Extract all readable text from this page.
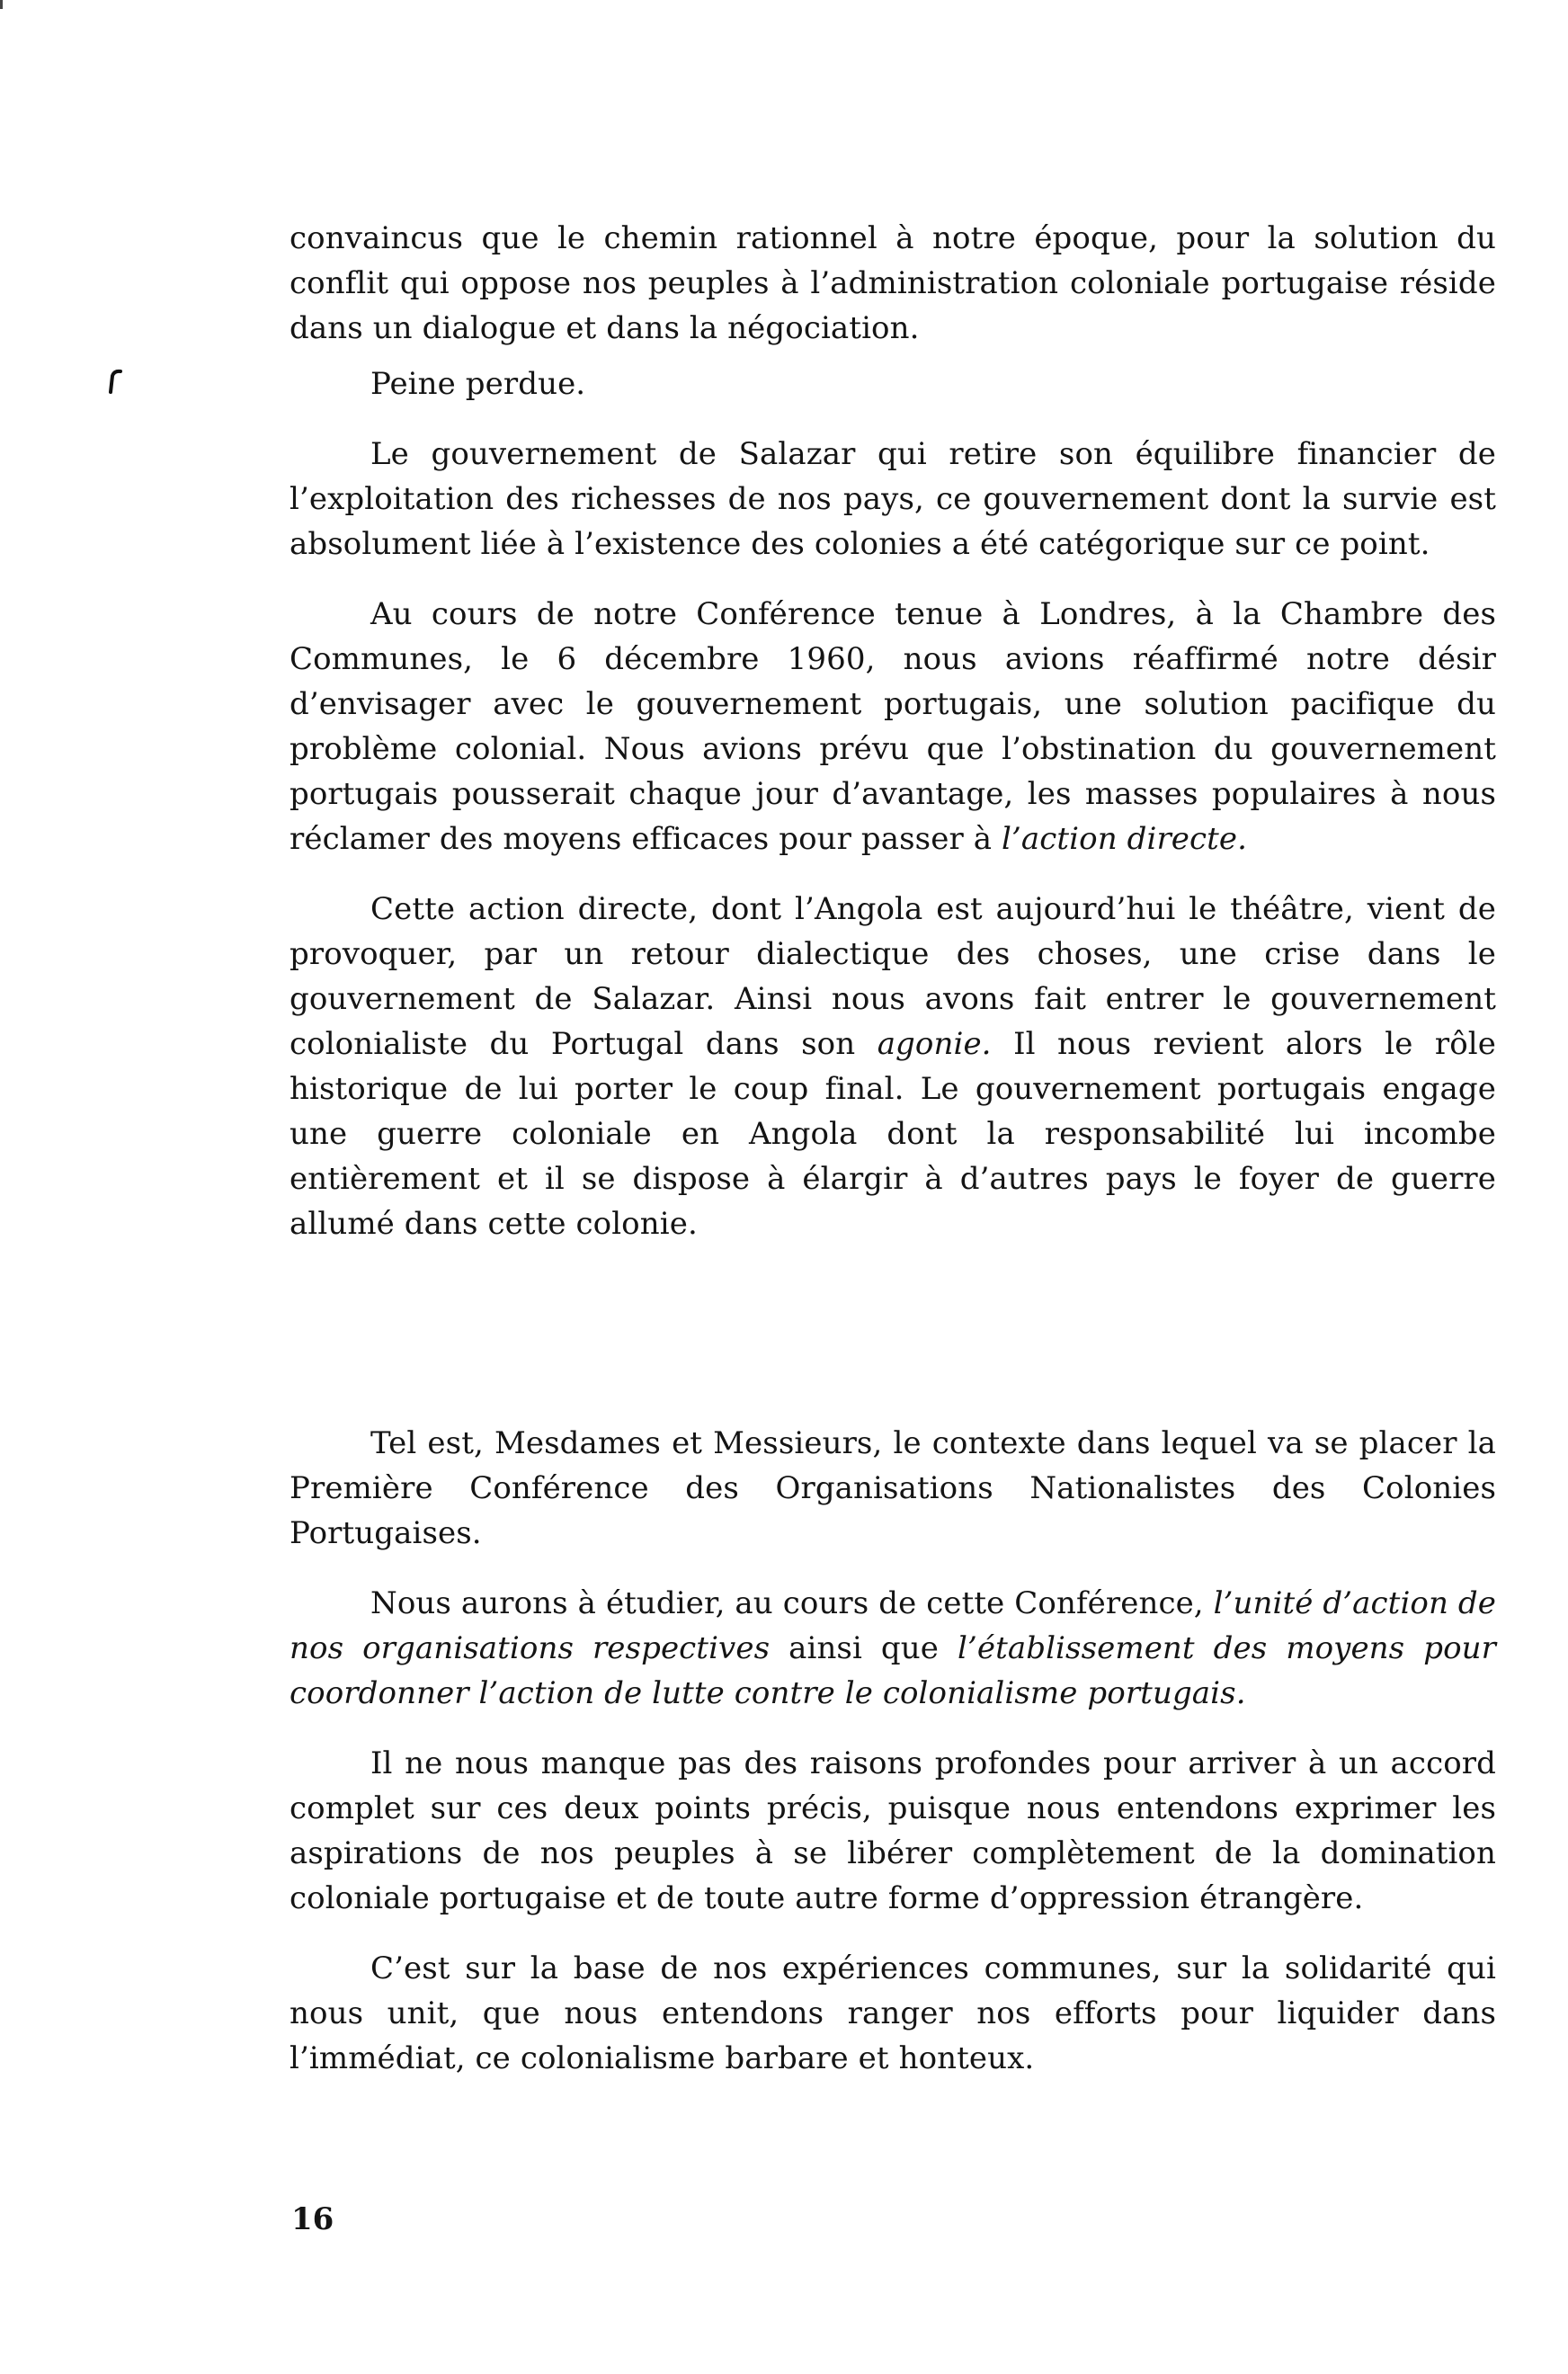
convaincus que le chemin rationnel à notre époque, pour la solution du conflit qui oppose nos peuples à l’administration coloniale portugaise réside dans un dialogue et dans la négociation.

Peine perdue.

Le gouvernement de Salazar qui retire son équilibre financier de l’exploitation des richesses de nos pays, ce gouvernement dont la survie est absolument liée à l’existence des colonies a été catégorique sur ce point.

Au cours de notre Conférence tenue à Londres, à la Chambre des Communes, le 6 décembre 1960, nous avions réaffirmé notre désir d’envisager avec le gouvernement portugais, une solution pacifique du problème colonial. Nous avions prévu que l’obstination du gouvernement portugais pousserait chaque jour d’avantage, les masses populaires à nous réclamer des moyens efficaces pour passer à l’action directe.

Cette action directe, dont l’Angola est aujourd’hui le théâtre, vient de provoquer, par un retour dialectique des choses, une crise dans le gouvernement de Salazar. Ainsi nous avons fait entrer le gouvernement colonialiste du Portugal dans son agonie. Il nous revient alors le rôle historique de lui porter le coup final. Le gouvernement portugais engage une guerre coloniale en Angola dont la responsabilité lui incombe entièrement et il se dispose à élargir à d’autres pays le foyer de guerre allumé dans cette colonie.

Tel est, Mesdames et Messieurs, le contexte dans lequel va se placer la Première Conférence des Organisations Nationalistes des Colonies Portugaises.

Nous aurons à étudier, au cours de cette Conférence, l’unité d’action de nos organisations respectives ainsi que l’établissement des moyens pour coordonner l’action de lutte contre le colonialisme portugais.

Il ne nous manque pas des raisons profondes pour arriver à un accord complet sur ces deux points précis, puisque nous entendons exprimer les aspirations de nos peuples à se libérer complètement de la domination coloniale portugaise et de toute autre forme d’oppression étrangère.

C’est sur la base de nos expériences communes, sur la solidarité qui nous unit, que nous entendons ranger nos efforts pour liquider dans l’immédiat, ce colonialisme barbare et honteux.

16
